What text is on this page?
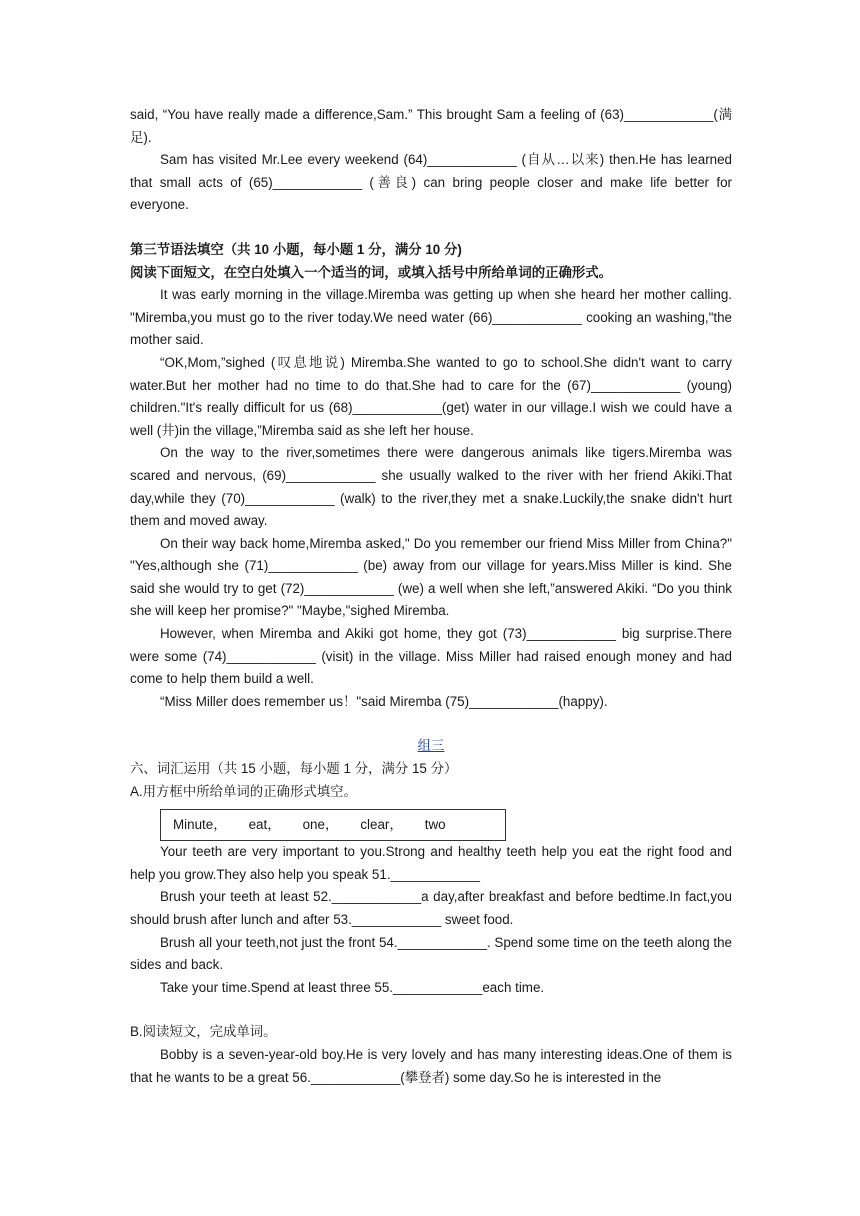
said, “You have really made a difference,Sam.” This brought Sam a feeling of (63)____________(满足).

Sam has visited Mr.Lee every weekend (64)____________ (自从…以来) then.He has learned that small acts of (65)____________ (善良) can bring people closer and make life better for everyone.

第三节语法填空（共 10 小题，每小题 1 分，满分 10 分)

阅读下面短文，在空白处填入一个适当的词，或填入括号中所给单词的正确形式。

It was early morning in the village.Miremba was getting up when she heard her mother calling. "Miremba,you must go to the river today.We need water (66)____________ cooking an washing,"the mother said.

“OK,Mom,”sighed (叹息地说) Miremba.She wanted to go to school.She didn't want to carry water.But her mother had no time to do that.She had to care for the (67)____________ (young) children."It's really difficult for us (68)____________(get) water in our village.I wish we could have a well (井)in the village,”Miremba said as she left her house.

On the way to the river,sometimes there were dangerous animals like tigers.Miremba was scared and nervous, (69)____________ she usually walked to the river with her friend Akiki.That day,while they (70)____________ (walk) to the river,they met a snake.Luckily,the snake didn't hurt them and moved away.

On their way back home,Miremba asked," Do you remember our friend Miss Miller from China?" "Yes,although she (71)____________ (be) away from our village for years.Miss Miller is kind. She said she would try to get (72)____________ (we) a well when she left,”answered Akiki. “Do you think she will keep her promise?" "Maybe,"sighed Miremba.

However, when Miremba and Akiki got home, they got (73)____________ big surprise.There were some (74)____________ (visit) in the village. Miss Miller had raised enough money and had come to help them build a well.

“Miss Miller does remember us！"said Miremba (75)____________(happy).

组三

六、词汇运用（共 15 小题，每小题 1 分，满分 15 分）

A.用方框中所给单词的正确形式填空。

Minute， eat， one， clear， two

Your teeth are very important to you.Strong and healthy teeth help you eat the right food and help you grow.They also help you speak 51.____________

Brush your teeth at least 52.____________a day,after breakfast and before bedtime.In fact,you should brush after lunch and after 53.____________ sweet food.

Brush all your teeth,not just the front 54.____________. Spend some time on the teeth along the sides and back.

Take your time.Spend at least three 55.____________each time.

B.阅读短文，完成单词。

Bobby is a seven-year-old boy.He is very lovely and has many interesting ideas.One of them is that he wants to be a great 56.____________(攀登者) some day.So he is interested in the
